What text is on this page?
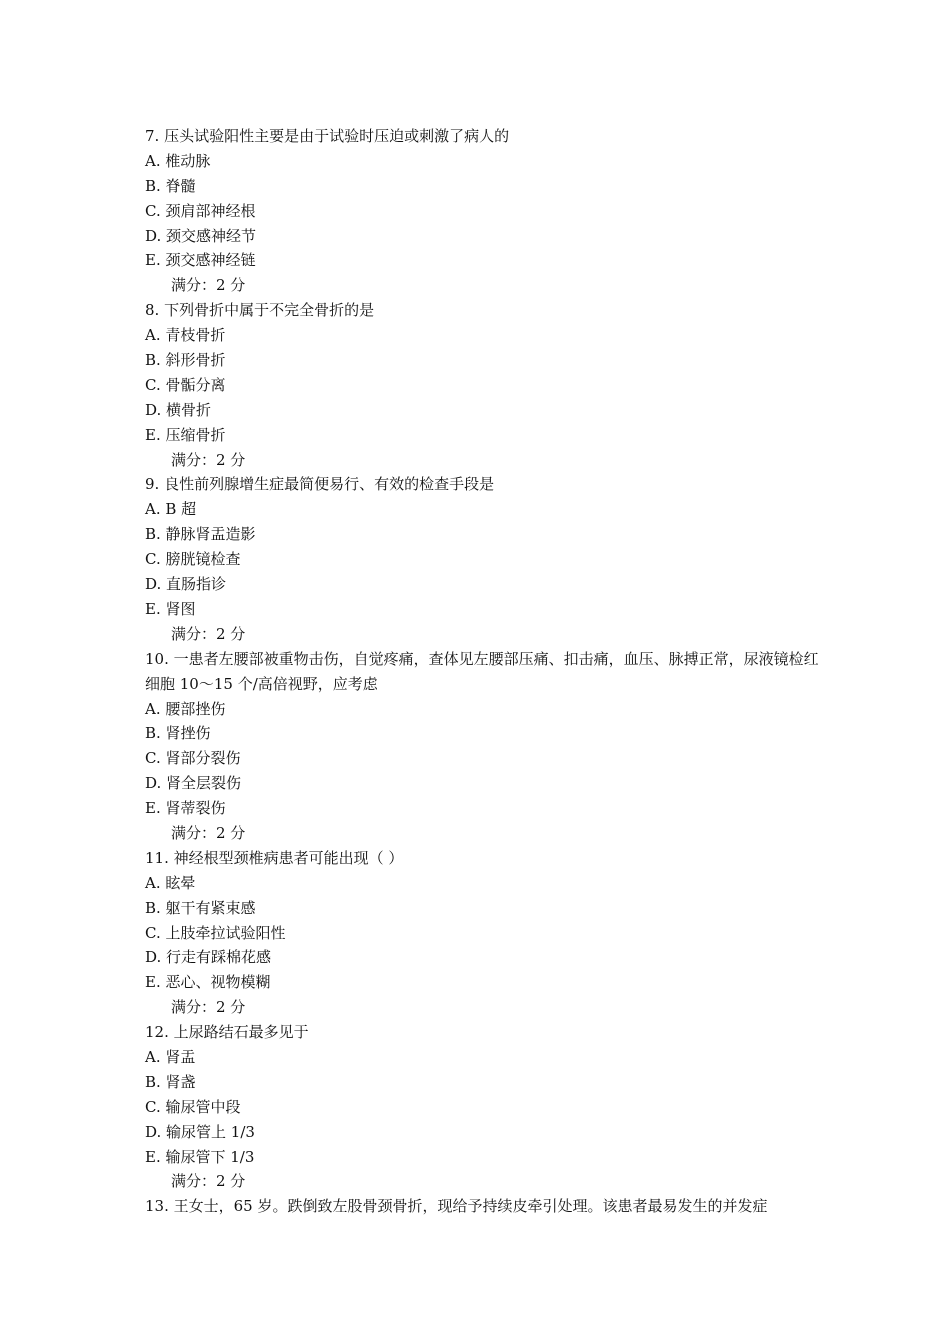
7. 压头试验阳性主要是由于试验时压迫或刺激了病人的
A. 椎动脉
B. 脊髓
C. 颈肩部神经根
D. 颈交感神经节
E. 颈交感神经链
满分：2 分
8. 下列骨折中属于不完全骨折的是
A. 青枝骨折
B. 斜形骨折
C. 骨骺分离
D. 横骨折
E. 压缩骨折
满分：2 分
9. 良性前列腺增生症最简便易行、有效的检查手段是
A. B 超
B. 静脉肾盂造影
C. 膀胱镜检查
D. 直肠指诊
E. 肾图
满分：2 分
10. 一患者左腰部被重物击伤，自觉疼痛，查体见左腰部压痛、扣击痛，血压、脉搏正常，尿液镜检红细胞 10～15 个/高倍视野，应考虑
A. 腰部挫伤
B. 肾挫伤
C. 肾部分裂伤
D. 肾全层裂伤
E. 肾蒂裂伤
满分：2 分
11. 神经根型颈椎病患者可能出现（ ）
A. 眩晕
B. 躯干有紧束感
C. 上肢牵拉试验阳性
D. 行走有踩棉花感
E. 恶心、视物模糊
满分：2 分
12. 上尿路结石最多见于
A. 肾盂
B. 肾盏
C. 输尿管中段
D. 输尿管上 1/3
E. 输尿管下 1/3
满分：2 分
13. 王女士，65 岁。跌倒致左股骨颈骨折，现给予持续皮牵引处理。该患者最易发生的并发症
